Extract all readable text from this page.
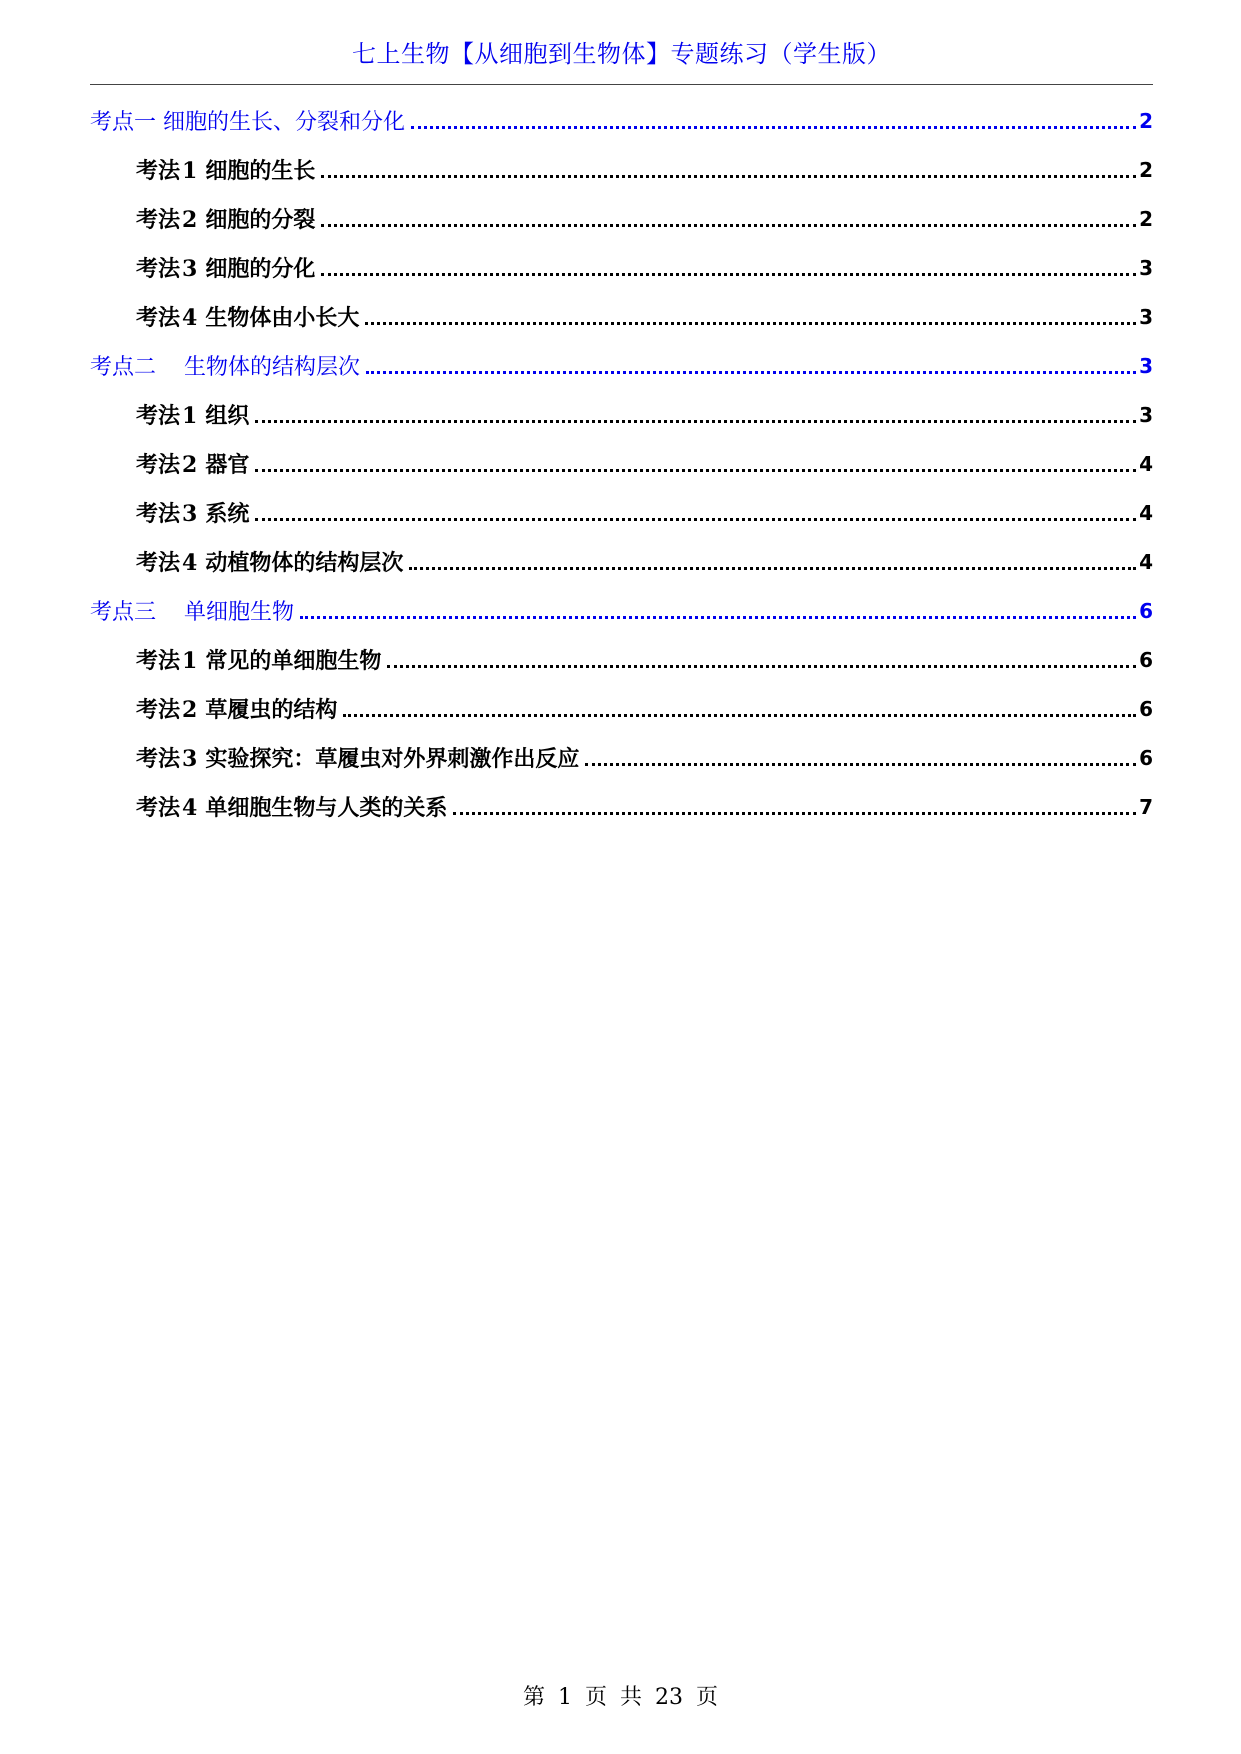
七上生物【从细胞到生物体】专题练习（学生版）
考点一 细胞的生长、分裂和分化	2
考法1 细胞的生长	2
考法2 细胞的分裂	2
考法3 细胞的分化	3
考法4 生物体由小长大	3
考点二    生物体的结构层次	3
考法1 组织	3
考法2 器官	4
考法3 系统	4
考法4 动植物体的结构层次	4
考点三    单细胞生物	6
考法1 常见的单细胞生物	6
考法2 草履虫的结构	6
考法3 实验探究：草履虫对外界刺激作出反应	6
考法4 单细胞生物与人类的关系	7
第 1 页 共 23 页
